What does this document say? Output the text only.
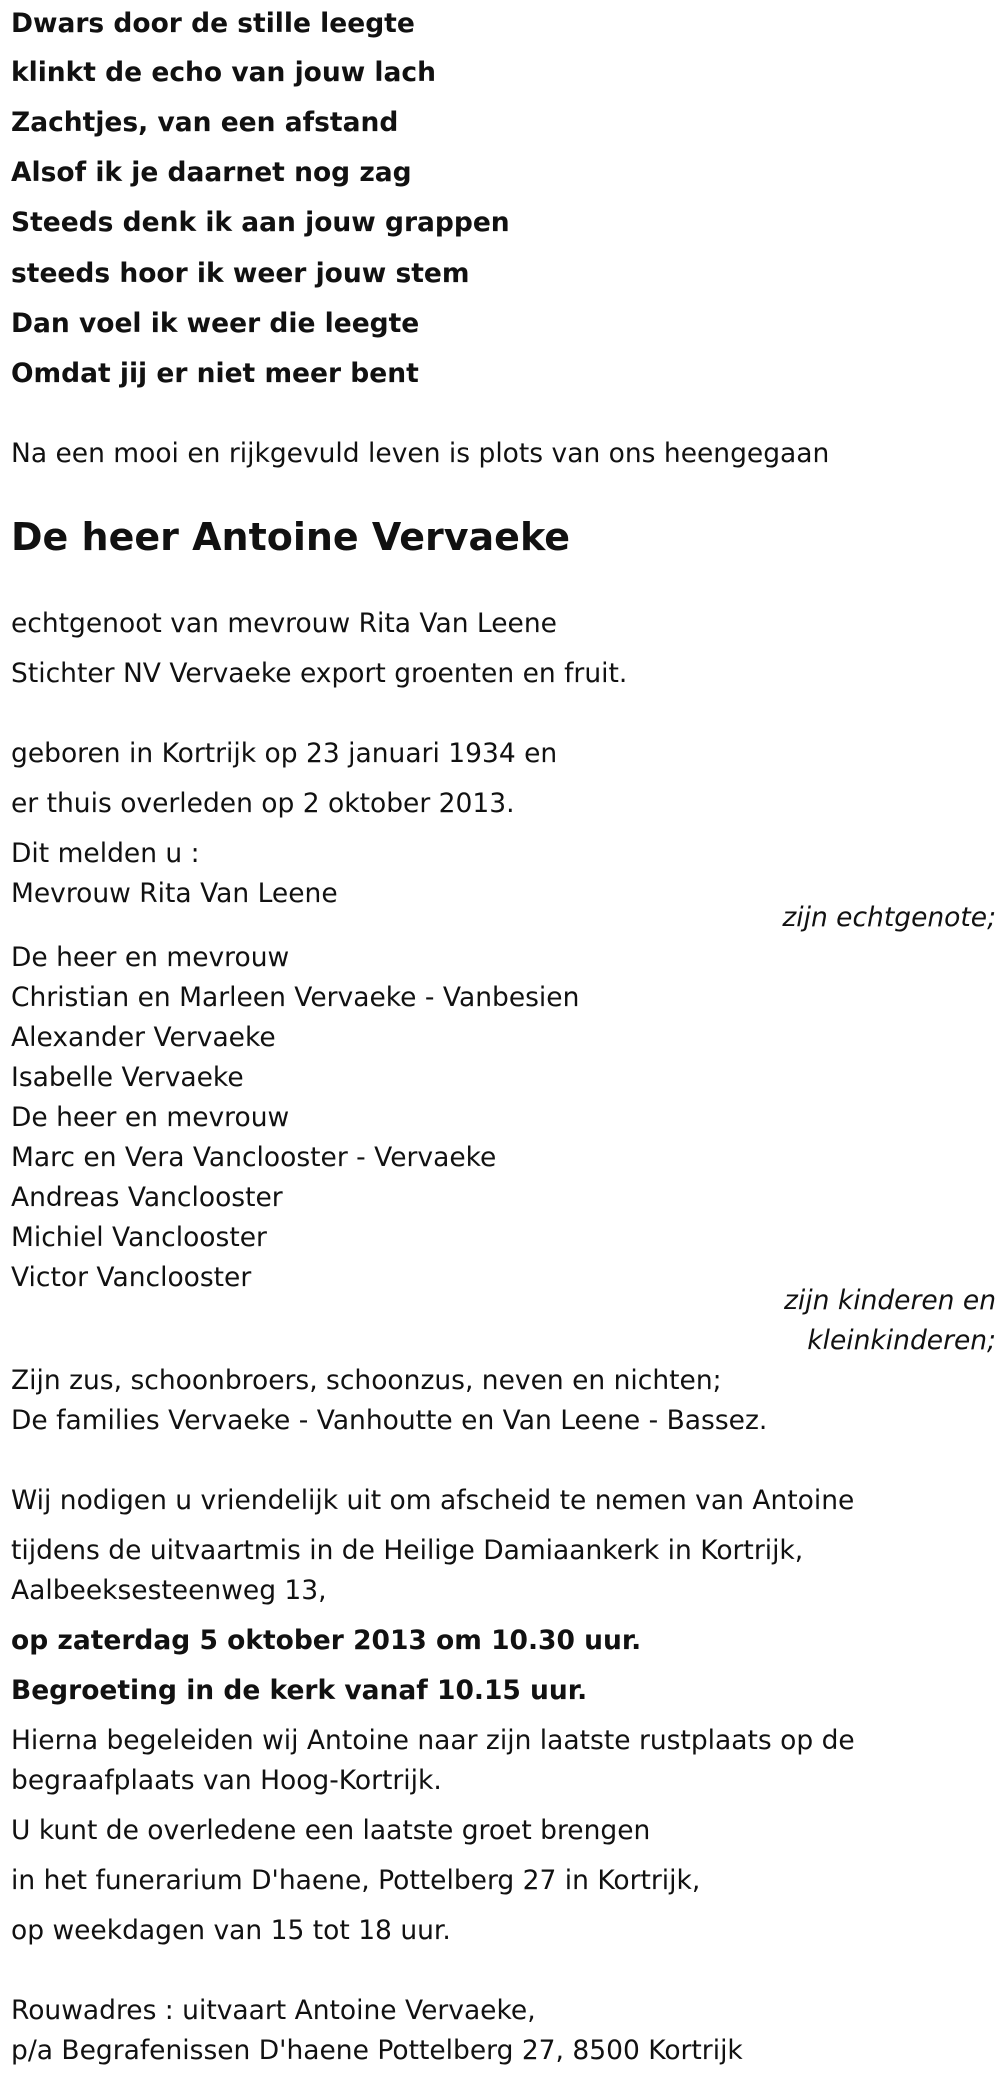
Dwars door de stille leegte
klinkt de echo van jouw lach
Zachtjes, van een afstand
Alsof ik je daarnet nog zag
Steeds denk ik aan jouw grappen
steeds hoor ik weer jouw stem
Dan voel ik weer die leegte
Omdat jij er niet meer bent
Na een mooi en rijkgevuld leven is plots van ons heengegaan
De heer Antoine Vervaeke
echtgenoot van mevrouw Rita Van Leene
Stichter NV Vervaeke export groenten en fruit.
geboren in Kortrijk op 23 januari 1934 en
er thuis overleden op 2 oktober 2013.
Dit melden u :
Mevrouw Rita Van Leene
zijn echtgenote;
De heer en mevrouw
Christian en Marleen Vervaeke - Vanbesien
Alexander Vervaeke
Isabelle Vervaeke
De heer en mevrouw
Marc en Vera Vanclooster - Vervaeke
Andreas Vanclooster
Michiel Vanclooster
Victor Vanclooster
zijn kinderen en
kleinkinderen;
Zijn zus, schoonbroers, schoonzus, neven en nichten;
De families Vervaeke - Vanhoutte en Van Leene - Bassez.
Wij nodigen u vriendelijk uit om afscheid te nemen van Antoine
tijdens de uitvaartmis in de Heilige Damiaankerk in Kortrijk,
Aalbeeksesteenweg 13,
op zaterdag 5 oktober 2013 om 10.30 uur.
Begroeting in de kerk vanaf 10.15 uur.
Hierna begeleiden wij Antoine naar zijn laatste rustplaats op de
begraafplaats van Hoog-Kortrijk.
U kunt de overledene een laatste groet brengen
in het funerarium D'haene, Pottelberg 27 in Kortrijk,
op weekdagen van 15 tot 18 uur.
Rouwadres : uitvaart Antoine Vervaeke,
p/a Begrafenissen D'haene Pottelberg 27, 8500 Kortrijk
